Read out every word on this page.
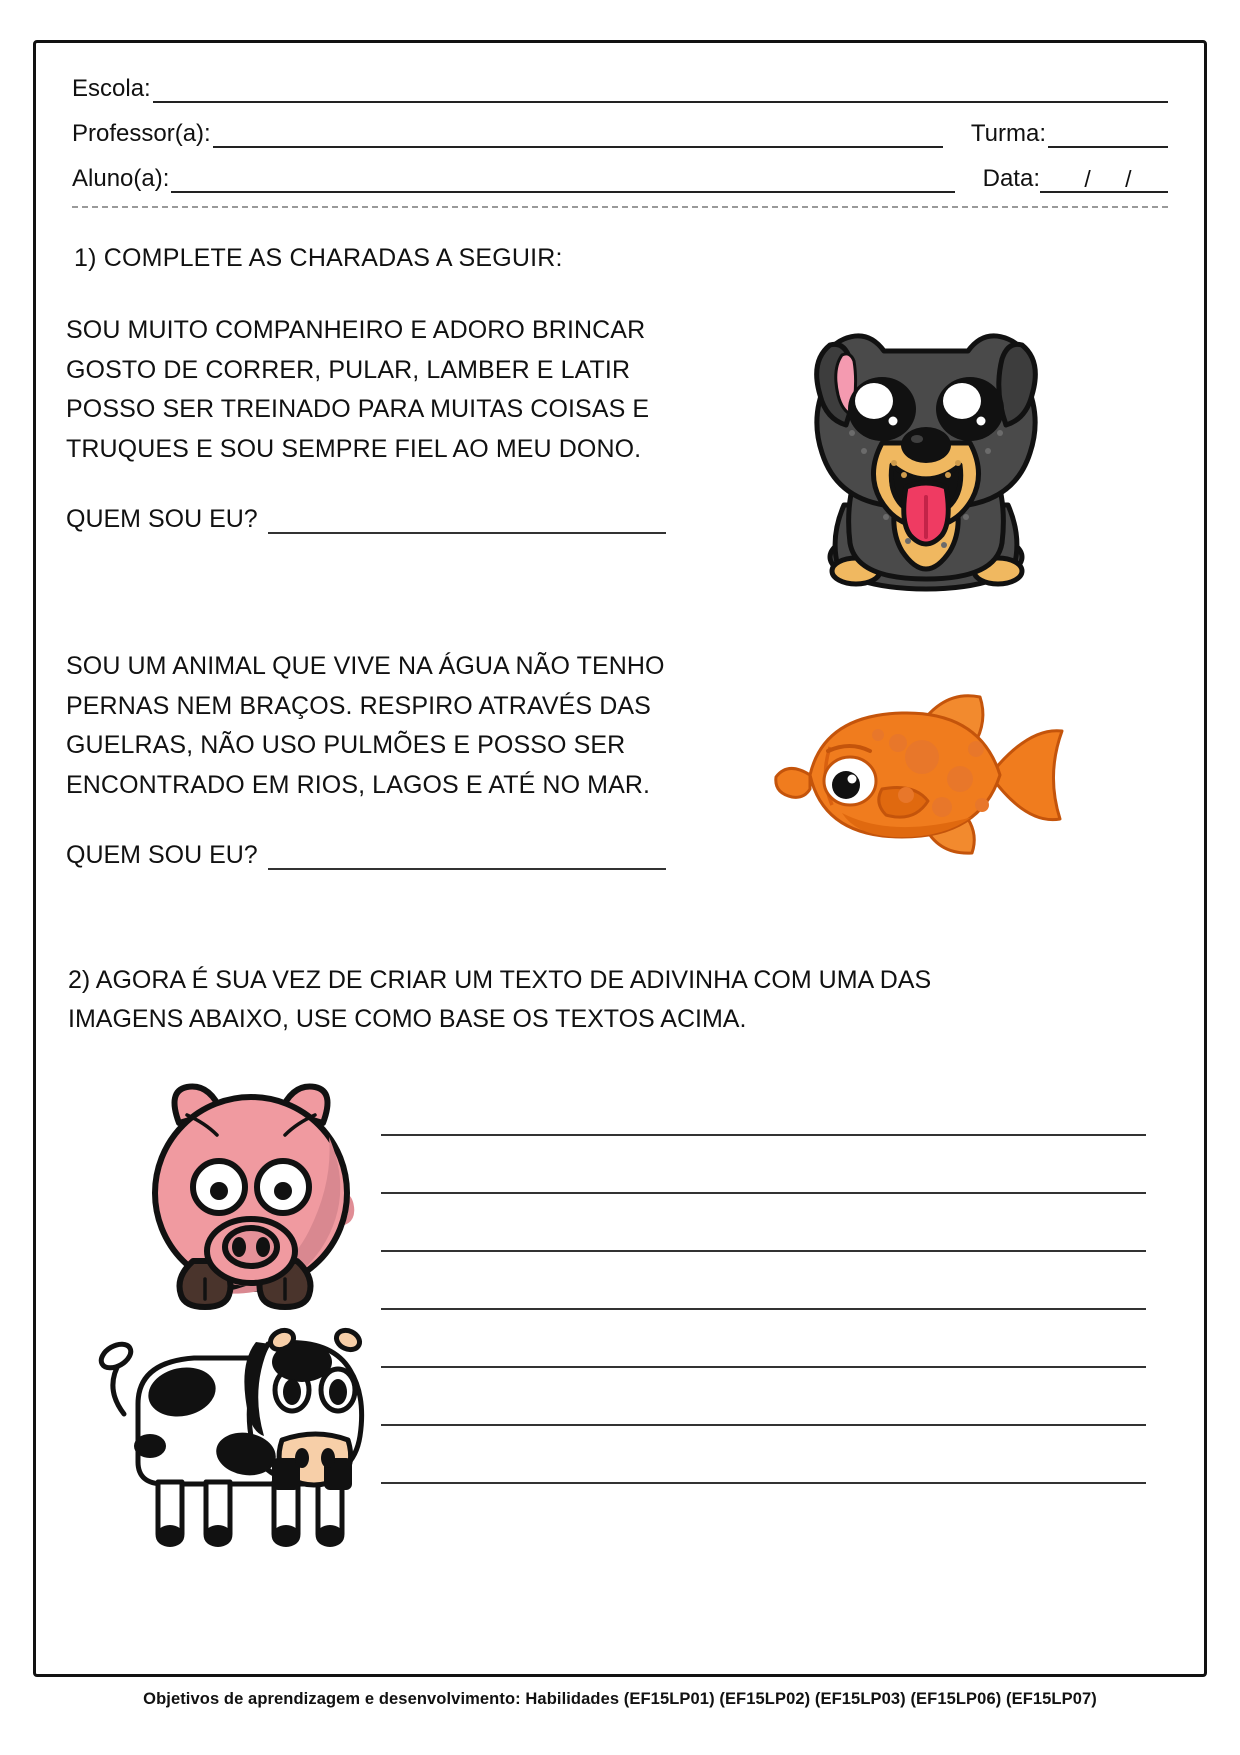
Escola:
Professor(a):	Turma:
Aluno(a):	Data:	/ /
1) COMPLETE AS CHARADAS A SEGUIR:
SOU MUITO COMPANHEIRO E ADORO BRINCAR
GOSTO DE CORRER, PULAR, LAMBER E LATIR
POSSO SER TREINADO PARA MUITAS COISAS E
TRUQUES E SOU SEMPRE FIEL AO MEU DONO.
QUEM SOU EU?
SOU UM ANIMAL QUE VIVE NA ÁGUA NÃO TENHO
PERNAS NEM BRAÇOS. RESPIRO ATRAVÉS DAS
GUELRAS, NÃO USO PULMÕES E POSSO SER
ENCONTRADO EM RIOS, LAGOS E ATÉ NO MAR.
QUEM SOU EU?
2) AGORA É SUA VEZ DE CRIAR UM TEXTO DE ADIVINHA COM UMA DAS
IMAGENS ABAIXO, USE COMO BASE OS TEXTOS ACIMA.
Objetivos de aprendizagem e desenvolvimento: Habilidades (EF15LP01) (EF15LP02) (EF15LP03) (EF15LP06) (EF15LP07)
